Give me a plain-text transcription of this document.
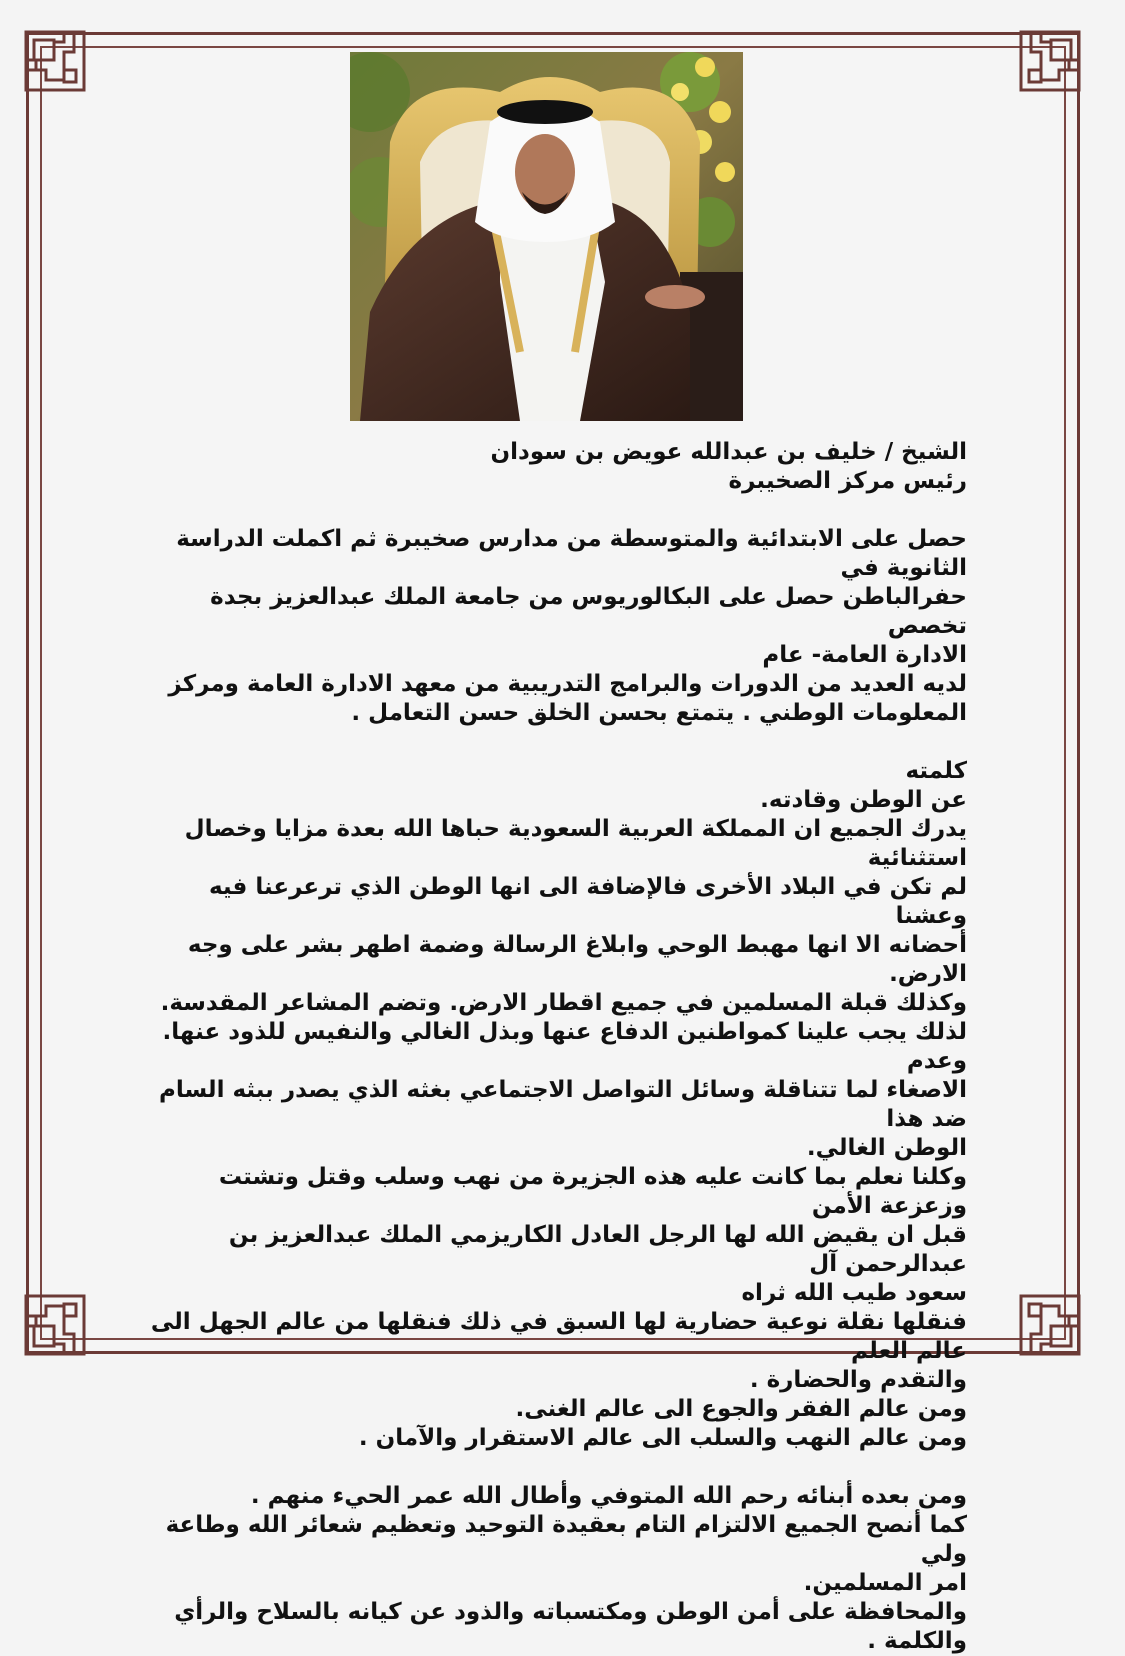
الشيخ / خليف بن عبدالله عويض بن سودان

رئيس مركز الصخيبرة

حصل على الابتدائية والمتوسطة من مدارس صخيبرة ثم اكملت الدراسة الثانوية في

حفرالباطن حصل على البكالوريوس من جامعة الملك عبدالعزيز بجدة تخصص

الادارة العامة- عام

لديه العديد من الدورات والبرامج التدريبية من معهد الادارة العامة ومركز

المعلومات الوطني . يتمتع بحسن الخلق حسن التعامل .

كلمته

عن الوطن وقادته.

يدرك الجميع ان المملكة العربية السعودية حباها الله بعدة مزايا وخصال استثنائية

لم تكن في البلاد الأخرى فالإضافة الى انها الوطن الذي ترعرعنا فيه وعشنا

أحضانه الا انها مهبط الوحي وابلاغ الرسالة وضمة اطهر بشر على وجه الارض.

وكذلك قبلة المسلمين في جميع اقطار الارض. وتضم المشاعر المقدسة.

لذلك يجب علينا كمواطنين الدفاع عنها وبذل الغالي والنفيس للذود عنها. وعدم

الاصغاء لما تتناقلة وسائل التواصل الاجتماعي بغثه الذي يصدر ببثه السام ضد هذا

الوطن الغالي.

وكلنا نعلم بما كانت عليه هذه الجزيرة من نهب وسلب وقتل وتشتت وزعزعة الأمن

قبل ان يقيض الله لها الرجل العادل الكاريزمي الملك عبدالعزيز بن عبدالرحمن آل

سعود طيب الله ثراه

فنقلها نقلة نوعية حضارية لها السبق في ذلك فنقلها من عالم الجهل الى عالم العلم

والتقدم والحضارة .

ومن عالم الفقر والجوع الى عالم الغنى.

ومن عالم النهب والسلب الى عالم الاستقرار والآمان .

ومن بعده أبنائه رحم الله المتوفي وأطال الله عمر الحيء منهم .

كما أنصح الجميع الالتزام التام بعقيدة التوحيد وتعظيم شعائر الله وطاعة ولي

امر المسلمين.

والمحافظة على أمن الوطن ومكتسباته والذود عن كيانه بالسلاح والرأي والكلمة .
